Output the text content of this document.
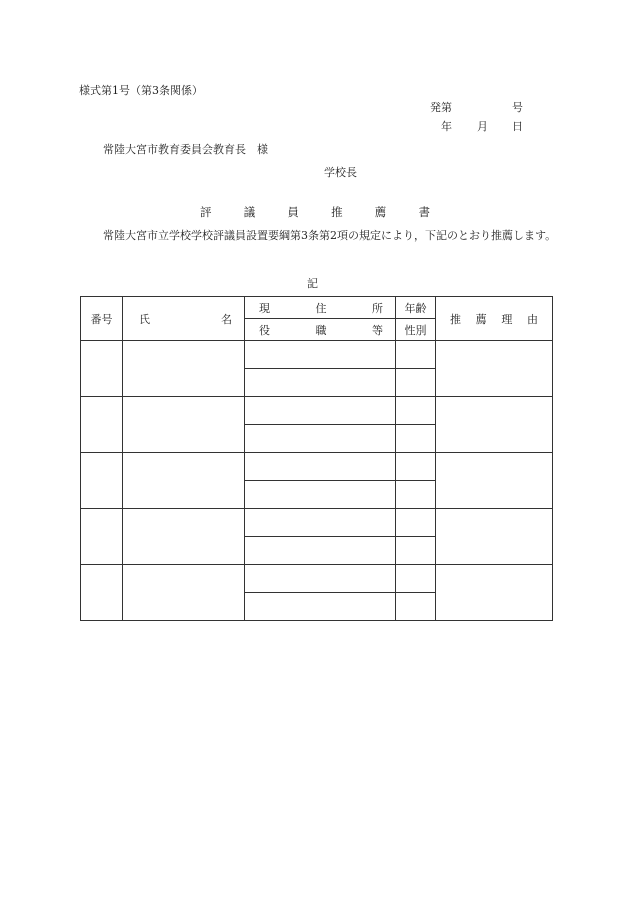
様式第1号（第3条関係）
発第	号
年 月 日
常陸大宮市教育委員会教育長　様
学校長
評	議	員	推	薦	書
常陸大宮市立学校学校評議員設置要綱第3条第2項の規定により，下記のとおり推薦します。
記
番号	氏 名	現 住 所	年齢	推 薦 理 由

		役 職 等	性別	
